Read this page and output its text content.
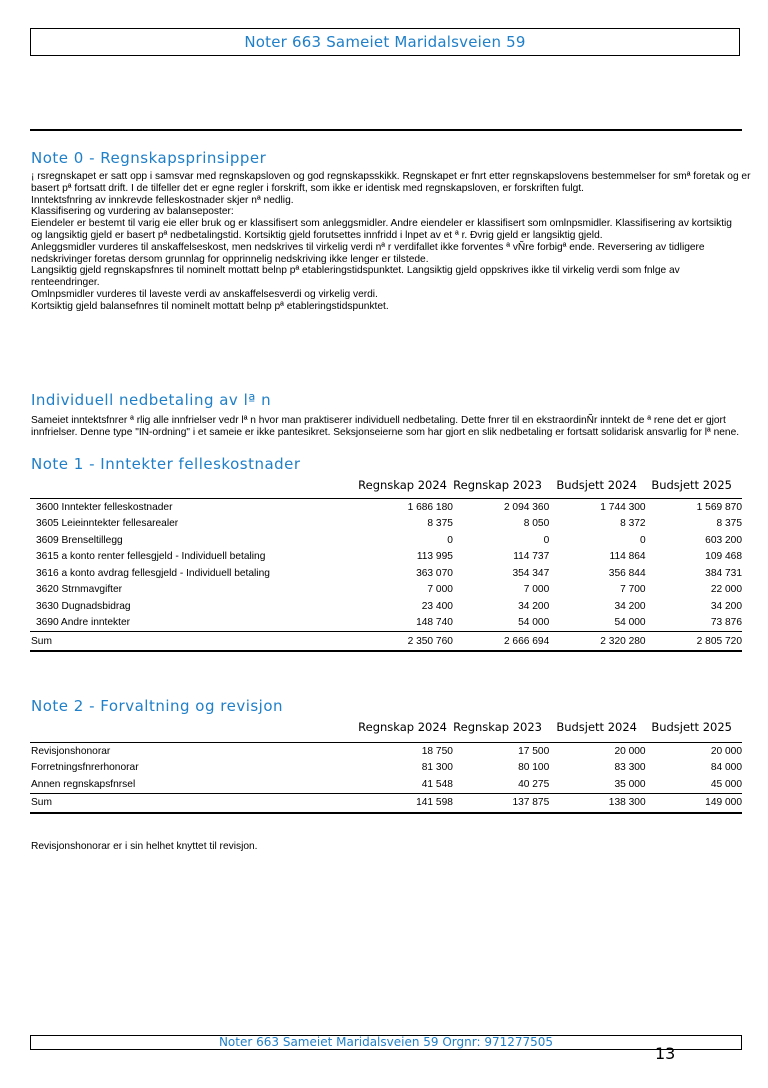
Noter 663 Sameiet Maridalsveien 59
Note 0 - Regnskapsprinsipper
¡ rsregnskapet er satt opp i samsvar med regnskapsloven og god regnskapsskikk. Regnskapet er fnrt etter regnskapslovens bestemmelser for smª foretak og er
basert pª fortsatt drift. I de tilfeller det er egne regler i forskrift, som ikke er identisk med regnskapsloven, er forskriften fulgt.
Inntektsfnring av innkrevde felleskostnader skjer nª nedlig.
Klassifisering og vurdering av balanseposter:
Eiendeler er bestemt til varig eie eller bruk og er klassifisert som anleggsmidler. Andre eiendeler er klassifisert som omlnpsmidler. Klassifisering av kortsiktig
og langsiktig gjeld er basert pª nedbetalingstid. Kortsiktig gjeld forutsettes innfridd i lnpet av et ª r. Ðvrig gjeld er langsiktig gjeld.
Anleggsmidler vurderes til anskaffelseskost, men nedskrives til virkelig verdi nª r verdifallet ikke forventes ª vÑre forbigª ende. Reversering av tidligere
nedskrivinger foretas dersom grunnlag for opprinnelig nedskriving ikke lenger er tilstede.
Langsiktig gjeld regnskapsfnres til nominelt mottatt belnp pª etableringstidspunktet. Langsiktig gjeld oppskrives ikke til virkelig verdi som fnlge av
renteendringer.
Omlnpsmidler vurderes til laveste verdi av anskaffelsesverdi og virkelig verdi.
Kortsiktig gjeld balansefnres til nominelt mottatt belnp pª etableringstidspunktet.
Individuell nedbetaling av lª n
Sameiet inntektsfnrer ª rlig alle innfrielser vedr lª n hvor man praktiserer individuell nedbetaling. Dette fnrer til en ekstraordinÑr inntekt de ª rene det er gjort
innfrielser. Denne type "IN-ordning" i et sameie er ikke pantesikret. Seksjonseierne som har gjort en slik nedbetaling er fortsatt solidarisk ansvarlig for lª nene.
Note 1 - Inntekter felleskostnader
Regnskap 2024 Regnskap 2023 Budsjett 2024 Budsjett 2025
3600 Inntekter felleskostnader	1 686 180	2 094 360	1 744 300	1 569 870
3605 Leieinntekter fellesarealer	8 375	8 050	8 372	8 375
3609 Brenseltillegg	0	0	0	603 200
3615 a konto renter fellesgjeld - Individuell betaling	113 995	114 737	114 864	109 468
3616 a konto avdrag fellesgjeld - Individuell betaling	363 070	354 347	356 844	384 731
3620 Strnmavgifter	7 000	7 000	7 700	22 000
3630 Dugnadsbidrag	23 400	34 200	34 200	34 200
3690 Andre inntekter	148 740	54 000	54 000	73 876
Sum	2 350 760	2 666 694	2 320 280	2 805 720
Note 2 - Forvaltning og revisjon
Regnskap 2024 Regnskap 2023 Budsjett 2024 Budsjett 2025
Revisjonshonorar	18 750	17 500	20 000	20 000
Forretningsfnrerhonorar	81 300	80 100	83 300	84 000
Annen regnskapsfnrsel	41 548	40 275	35 000	45 000
Sum	141 598	137 875	138 300	149 000
Revisjonshonorar er i sin helhet knyttet til revisjon.
Noter 663 Sameiet Maridalsveien 59 Orgnr: 971277505
13
